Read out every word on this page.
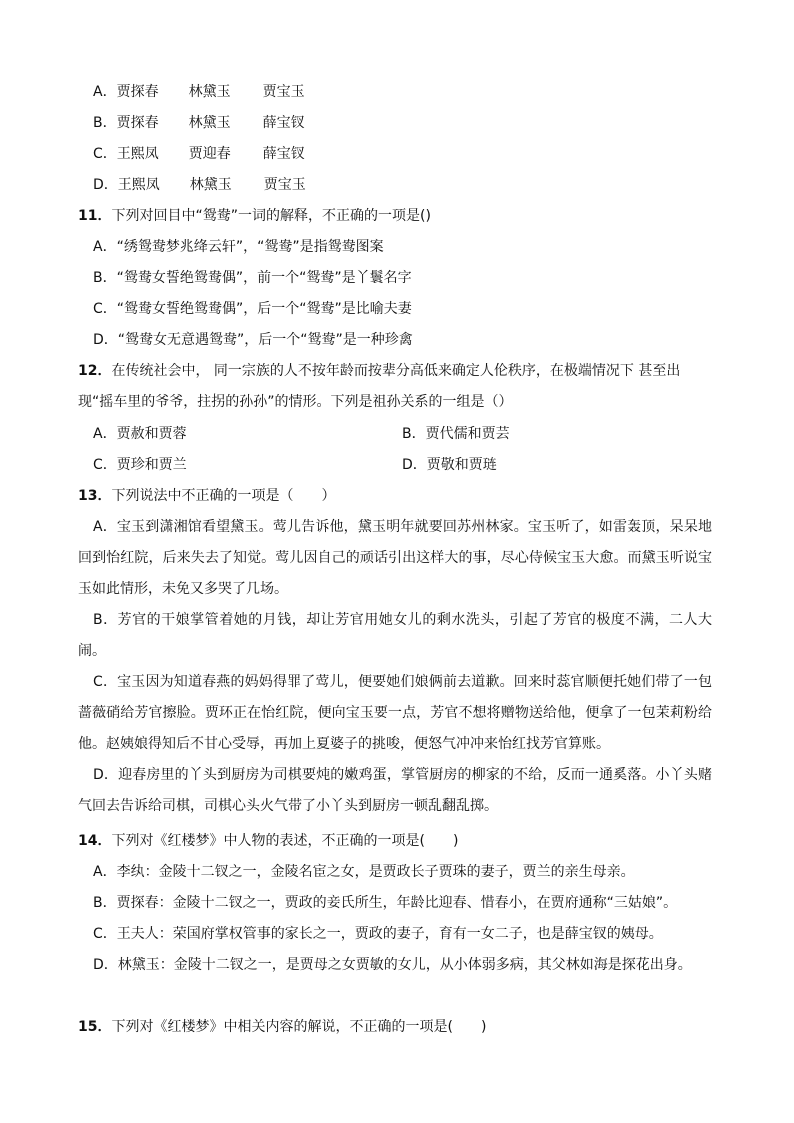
A．贾探春 林黛玉 贾宝玉
B．贾探春 林黛玉 薛宝钗
C．王熙凤 贾迎春 薛宝钗
D．王熙凤 林黛玉 贾宝玉
11．下列对回目中“鸳鸯”一词的解释，不正确的一项是()
A．“绣鸳鸯梦兆绛云轩”，“鸳鸯”是指鸳鸯图案
B．“鸳鸯女誓绝鸳鸯偶”，前一个“鸳鸯”是丫鬟名字
C．“鸳鸯女誓绝鸳鸯偶”，后一个“鸳鸯”是比喻夫妻
D．“鸳鸯女无意遇鸳鸯”，后一个“鸳鸯”是一种珍禽
12．在传统社会中， 同一宗族的人不按年龄而按辈分高低来确定人伦秩序，在极端情况下 甚至出
现“摇车里的爷爷，拄拐的孙孙”的情形。下列是祖孙关系的一组是（）
A．贾赦和贾蓉	B．贾代儒和贾芸
C．贾珍和贾兰	D．贾敬和贾琏
13．下列说法中不正确的一项是（　　）
A．宝玉到潇湘馆看望黛玉。莺儿告诉他，黛玉明年就要回苏州林家。宝玉听了，如雷轰顶，呆呆地回到怡红院，后来失去了知觉。莺儿因自己的顽话引出这样大的事，尽心侍候宝玉大愈。而黛玉听说宝玉如此情形，未免又多哭了几场。
B．芳官的干娘掌管着她的月钱，却让芳官用她女儿的剩水洗头，引起了芳官的极度不满，二人大闹。
C．宝玉因为知道春燕的妈妈得罪了莺儿，便要她们娘俩前去道歉。回来时蕊官顺便托她们带了一包蔷薇硝给芳官擦脸。贾环正在怡红院，便向宝玉要一点，芳官不想将赠物送给他，便拿了一包茉莉粉给他。赵姨娘得知后不甘心受辱，再加上夏婆子的挑唆，便怒气冲冲来怡红找芳官算账。
D．迎春房里的丫头到厨房为司棋要炖的嫩鸡蛋，掌管厨房的柳家的不给，反而一通奚落。小丫头赌气回去告诉给司棋，司棋心头火气带了小丫头到厨房一顿乱翻乱掷。
14．下列对《红楼梦》中人物的表述，不正确的一项是(　　)
A．李纨：金陵十二钗之一，金陵名宦之女，是贾政长子贾珠的妻子，贾兰的亲生母亲。
B．贾探春：金陵十二钗之一，贾政的妾氏所生，年龄比迎春、惜春小，在贾府通称“三姑娘”。
C．王夫人：荣国府掌权管事的家长之一，贾政的妻子，育有一女二子，也是薛宝钗的姨母。
D．林黛玉：金陵十二钗之一，是贾母之女贾敏的女儿，从小体弱多病，其父林如海是探花出身。
15．下列对《红楼梦》中相关内容的解说，不正确的一项是(　　)
